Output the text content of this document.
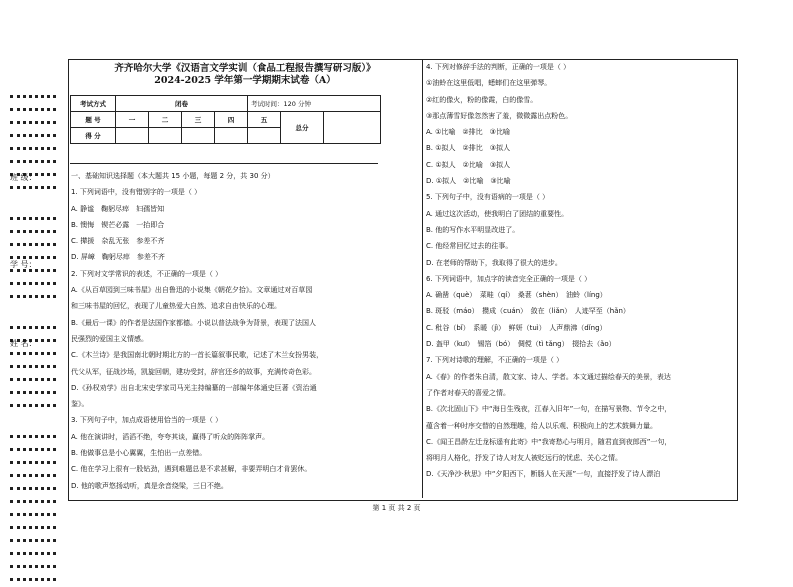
班 级：
学 号：
姓 名：
齐齐哈尔大学《汉语言文学实训（食品工程报告撰写研习版）》
2024-2025 学年第一学期期末试卷（A）
考试方式	闭卷				考试时间：120 分钟		
题 号	一	二	三	四	五	总分	
得 分							
一、基础知识选择题（本大题共 15 小题，每题 2 分，共 30 分）
1. 下列词语中，没有错别字的一项是（ ）
A. 静谧　鞠躬尽瘁　妇孺皆知
B. 懊悔　锲芒必露　一抬即合
C. 撵援　杂乱无张　参差不齐
D. 屏嶂　鞠躬尽瘁　参差不齐
2. 下列对文学常识的表述，不正确的一项是（ ）
A.《从百草园到三味书屋》出自鲁迅的小说集《朝花夕拾》。文章通过对百草园
和三味书屋的回忆，表现了儿童热爱大自然、追求自由快乐的心理。
B.《最后一课》的作者是法国作家都德。小说以普法战争为背景，表现了法国人
民强烈的爱国主义情感。
C.《木兰诗》是我国南北朝时期北方的一首长篇叙事民歌，记述了木兰女扮男装，
代父从军，征战沙场，凯旋回朝，建功受封，辞官还乡的故事，充满传奇色彩。
D.《孙权劝学》出自北宋史学家司马光主持编纂的一部编年体通史巨著《资治通
鉴》。
3. 下列句子中，加点成语使用恰当的一项是（ ）
A. 他在演讲时，滔滔不绝，夸夸其谈，赢得了听众的阵阵掌声。
B. 他做事总是小心翼翼，生怕出一点差错。
C. 他在学习上很有一股钻劲，遇到难题总是不求甚解，非要弄明白才肯罢休。
D. 他的歌声悠扬动听，真是余音绕梁，三日不绝。
4. 下列对修辞手法的判断，正确的一项是（ ）
①油蛉在这里低唱，蟋蟀们在这里弹琴。
②红的像火，粉的像霞，白的像雪。
③那点薄雪好像忽然害了羞，微微露出点粉色。
A. ①比喻　②排比　③比喻
B. ①拟人　②排比　③拟人
C. ①拟人　②比喻　③拟人
D. ①拟人　②比喻　③比喻
5. 下列句子中，没有语病的一项是（ ）
A. 通过这次活动，使我明白了团结的重要性。
B. 他的写作水平明显改进了。
C. 他经常回忆过去的往事。
D. 在老师的帮助下，我取得了很大的进步。
6. 下列词语中，加点字的读音完全正确的一项是（ ）
A. 确凿（què）　菜畦（qí）　桑葚（shèn）　油蛉（líng）
B. 斑驳（máo）　攒成（cuán）　敛在（liǎn）　人迹罕至（hǎn）
C. 秕谷（bǐ）　系暖（jì）　鲜妍（tuì）　人声鼎沸（dǐng）
D. 盔甲（kuī）　锡箔（bó）　倜傥（tì tǎng）　掇拾去（ǎo）
7. 下列对诗歌的理解，不正确的一项是（ ）
A.《春》的作者朱自清，散文家、诗人、学者。本文通过描绘春天的美景，表达
了作者对春天的喜爱之情。
B.《次北固山下》中“海日生残夜，江春入旧年”一句，在描写景物、节令之中，
蕴含着一种时序交替的自然理趣，给人以乐观、积极向上的艺术鼓舞力量。
C.《闻王昌龄左迁龙标遥有此寄》中“我寄愁心与明月，随君直到夜郎西”一句，
将明月人格化，抒发了诗人对友人被贬远行的忧虑、关心之情。
D.《天净沙·秋思》中“夕阳西下，断肠人在天涯”一句，直接抒发了诗人漂泊
第 1 页 共 2 页
